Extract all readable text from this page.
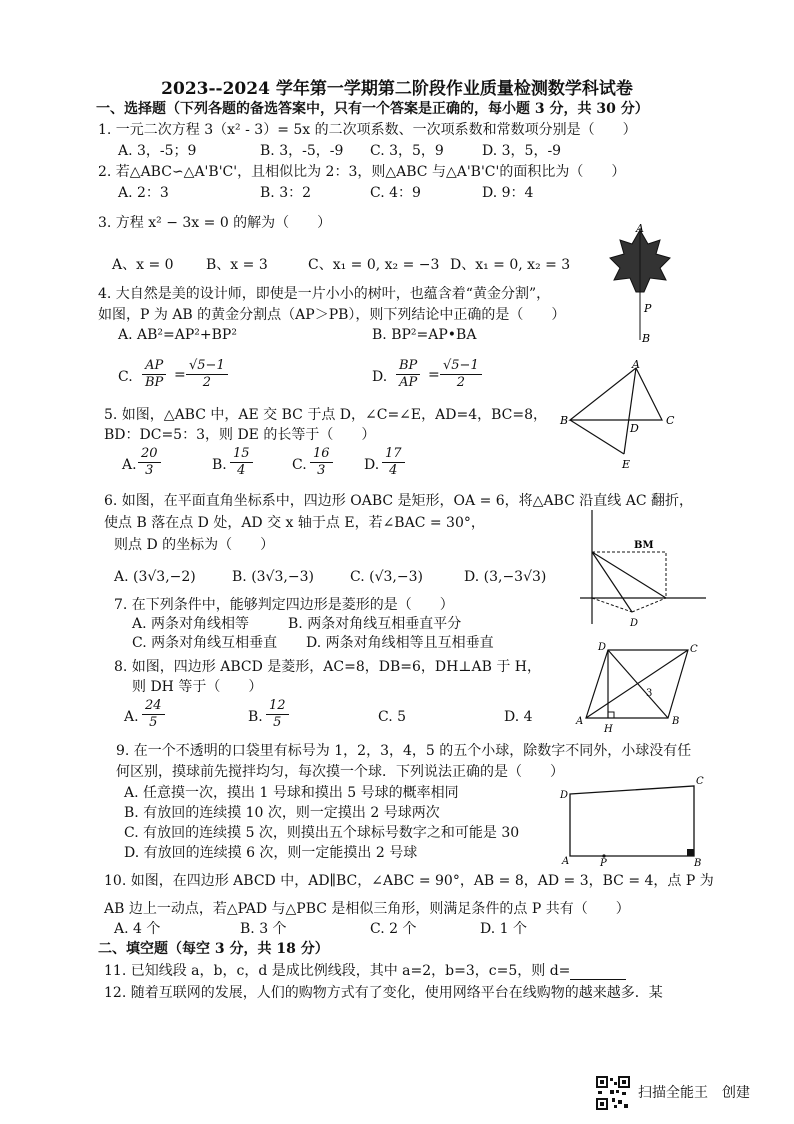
2023--2024 学年第一学期第二阶段作业质量检测数学科试卷
一、选择题（下列各题的备选答案中，只有一个答案是正确的，每小题 3 分，共 30 分）
1. 一元二次方程 3（x² - 3）= 5x 的二次项系数、一次项系数和常数项分别是（　　）
A. 3，-5；9	B. 3，-5，-9 C. 3，5，9	D. 3，5，-9
2. 若△ABC∽△A'B'C'，且相似比为 2：3，则△ABC 与△A'B'C'的面积比为（　　）
A. 2：3	B. 3：2	C. 4：9	D. 9：4
3. 方程 x² − 3x = 0 的解为（　　）
A、x = 0 B、x = 3	C、x₁ = 0, x₂ = −3 D、x₁ = 0, x₂ = 3
A
P
B
4. 大自然是美的设计师，即使是一片小小的树叶，也蕴含着“黄金分割”，
如图，P 为 AB 的黄金分割点（AP＞PB），则下列结论中正确的是（　　）
A. AB²=AP²+BP²	B. BP²=AP•BA
C. $\frac{AP}{BP} = \frac{√5-1}{2}$	D. $\frac{BP}{AP} = \frac{√5-1}{2}$	A
B	C
D
E
5. 如图，△ABC 中，AE 交 BC 于点 D，∠C=∠E，AD=4，BC=8，
BD：DC=5：3，则 DE 的长等于（　　）
A. $\frac{20}{3}$	B. $\frac{15}{4}$	C. $\frac{16}{3} D$. $\frac{17}{4}$
6. 如图，在平面直角坐标系中，四边形 OABC 是矩形，OA = 6，将△ABC 沿直线 AC 翻折，
使点 B 落在点 D 处，AD 交 x 轴于点 E，若∠BAC = 30°，
则点 D 的坐标为（　　）
A. (3√3,−2)	B. (3√3,−3)	C. (√3,−3)	D. (3,−3√3)
BM
D
7. 在下列条件中，能够判定四边形是菱形的是（　　）
A. 两条对角线相等	B. 两条对角线互相垂直平分
C. 两条对角线互相垂直 D. 两条对角线相等且互相垂直
8. 如图，四边形 ABCD 是菱形，AC=8，DB=6，DH⊥AB 于 H，
则 DH 等于（　　）
A. $\frac{24}{5}$	B. $\frac{12}{5}$	C. 5	D. 4
D	C
A
H
B
3
9. 在一个不透明的口袋里有标号为 1，2，3，4，5 的五个小球，除数字不同外，小球没有任
何区别，摸球前先搅拌均匀，每次摸一个球．下列说法正确的是（　　）
A. 任意摸一次，摸出 1 号球和摸出 5 号球的概率相同
B. 有放回的连续摸 10 次，则一定摸出 2 号球两次
C. 有放回的连续摸 5 次，则摸出五个球标号数字之和可能是 30
D. 有放回的连续摸 6 次，则一定能摸出 2 号球
D
C
A	P	B
10. 如图，在四边形 ABCD 中，AD∥BC，∠ABC = 90°，AB = 8，AD = 3，BC = 4，点 P 为
AB 边上一动点，若△PAD 与△PBC 是相似三角形，则满足条件的点 P 共有（　　）
A. 4 个	B. 3 个	C. 2 个	D. 1 个
二、填空题（每空 3 分，共 18 分）
11. 已知线段 a，b，c，d 是成比例线段，其中 a=2，b=3，c=5，则 d=
12. 随着互联网的发展，人们的购物方式有了变化，使用网络平台在线购物的越来越多．某
扫描全能王　创建
